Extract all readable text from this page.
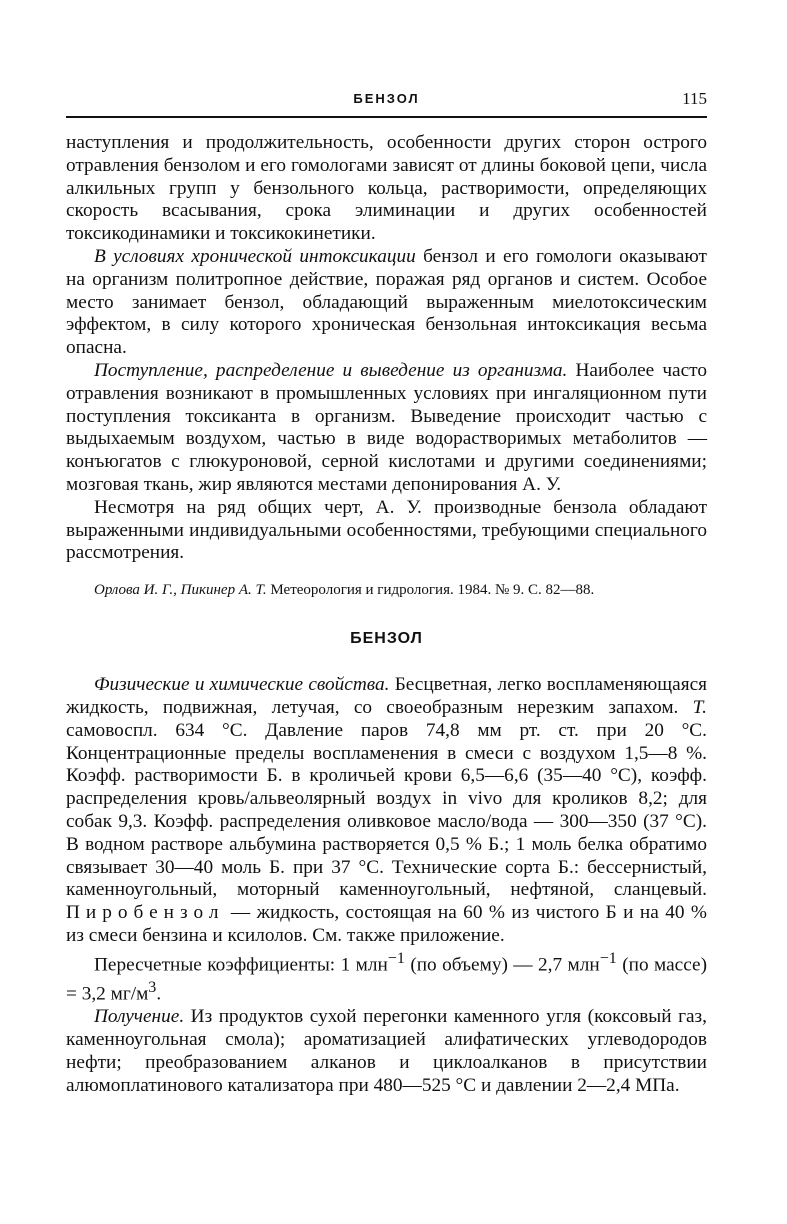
БЕНЗОЛ	115

наступления и продолжительность, особенности других сторон острого отравления бензолом и его гомологами зависят от длины боковой цепи, числа алкильных групп у бензольного кольца, растворимости, определяющих скорость всасывания, срока элиминации и других особенностей токсикодинамики и токсикокинетики.

В условиях хронической интоксикации бензол и его гомологи оказывают на организм политропное действие, поражая ряд органов и систем. Особое место занимает бензол, обладающий выраженным миелотоксическим эффектом, в силу которого хроническая бензольная интоксикация весьма опасна.

Поступление, распределение и выведение из организма. Наиболее часто отравления возникают в промышленных условиях при ингаляционном пути поступления токсиканта в организм. Выведение происходит частью с выдыхаемым воздухом, частью в виде водорастворимых метаболитов — конъюгатов с глюкуроновой, серной кислотами и другими соединениями; мозговая ткань, жир являются местами депонирования А. У.

Несмотря на ряд общих черт, А. У. производные бензола обладают выраженными индивидуальными особенностями, требующими специального рассмотрения.

Орлова И. Г., Пикинер А. Т. Метеорология и гидрология. 1984. № 9. С. 82—88.

БЕНЗОЛ

Физические и химические свойства. Бесцветная, легко воспламеняющаяся жидкость, подвижная, летучая, со своеобразным нерезким запахом. Т. самовоспл. 634 °С. Давление паров 74,8 мм рт. ст. при 20 °С. Концентрационные пределы воспламенения в смеси с воздухом 1,5—8 %. Коэфф. растворимости Б. в кроличьей крови 6,5—6,6 (35—40 °С), коэфф. распределения кровь/альвеолярный воздух in vivo для кроликов 8,2; для собак 9,3. Коэфф. распределения оливковое масло/вода — 300—350 (37 °С). В водном растворе альбумина растворяется 0,5 % Б.; 1 моль белка обратимо связывает 30—40 моль Б. при 37 °С. Технические сорта Б.: бессернистый, каменноугольный, моторный каменноугольный, нефтяной, сланцевый. Пиробензол — жидкость, состоящая на 60 % из чистого Б и на 40 % из смеси бензина и ксилолов. См. также приложение.

Пересчетные коэффициенты: 1 млн$^{-1}$ (по объему) — 2,7 млн$^{-1}$ (по массе) = 3,2 $мг/м^3$.

Получение. Из продуктов сухой перегонки каменного угля (коксовый газ, каменноугольная смола); ароматизацией алифатических углеводородов нефти; преобразованием алканов и циклоалканов в присутствии алюмоплатинового катализатора при 480—525 °С и давлении 2—2,4 МПа.
